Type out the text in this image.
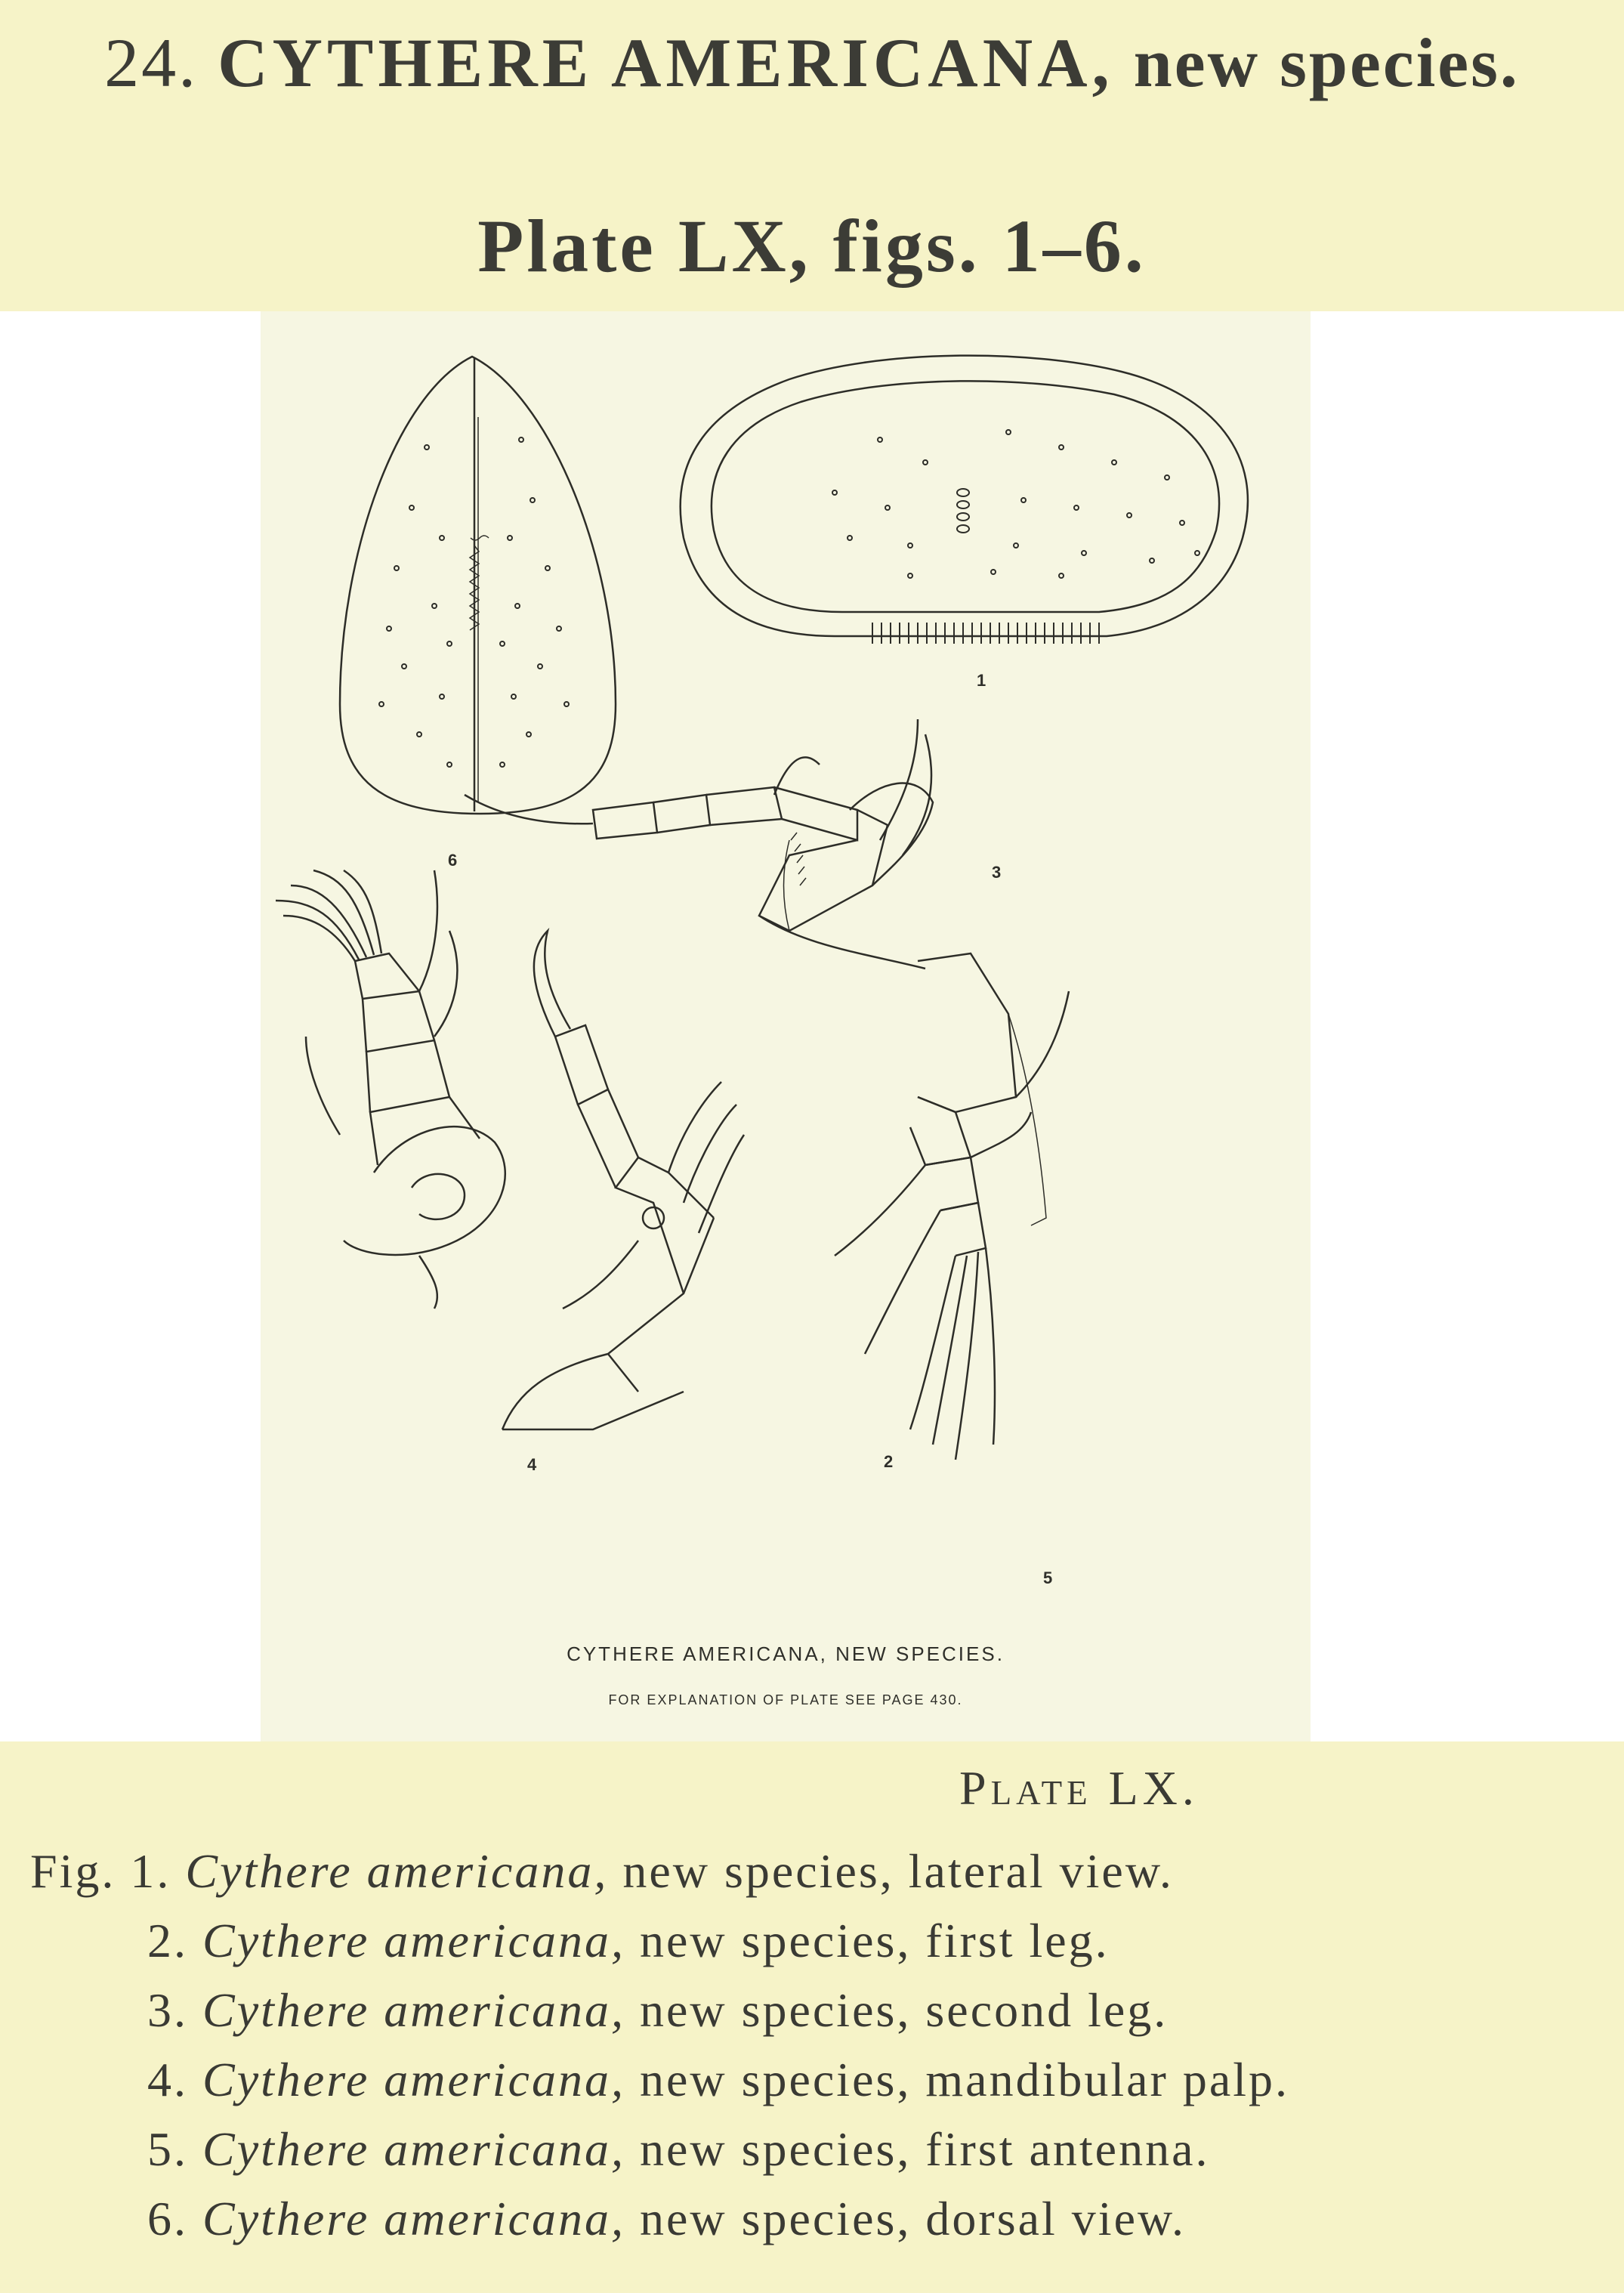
24. CYTHERE AMERICANA, new species.
Plate LX, figs. 1–6.
1
2
3
4
5
6
CYTHERE AMERICANA, NEW SPECIES.
FOR EXPLANATION OF PLATE SEE PAGE 430.
Plate LX.
Fig. 1. Cythere americana, new species, lateral view.
2. Cythere americana, new species, first leg.
3. Cythere americana, new species, second leg.
4. Cythere americana, new species, mandibular palp.
5. Cythere americana, new species, first antenna.
6. Cythere americana, new species, dorsal view.
